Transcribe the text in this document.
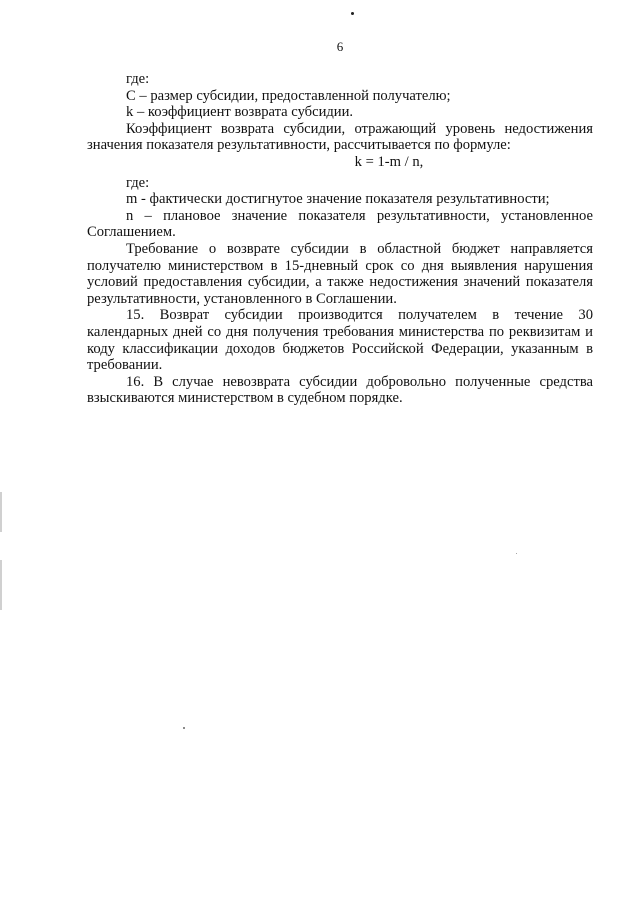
6

где:

С – размер субсидии, предоставленной получателю;

k – коэффициент возврата субсидии.

Коэффициент возврата субсидии, отражающий уровень недостижения значения показателя результативности, рассчитывается по формуле:

k = 1-m / n,

где:

m - фактически достигнутое значение показателя результативности;

n – плановое значение показателя результативности, установленное Соглашением.

Требование о возврате субсидии в областной бюджет направляется получателю министерством в 15-дневный срок со дня выявления нарушения условий предоставления субсидии, а также недостижения значений показателя результативности, установленного в Соглашении.

15. Возврат субсидии производится получателем в течение 30 календарных дней со дня получения требования министерства по реквизитам и коду классификации доходов бюджетов Российской Федерации, указанным в требовании.

16. В случае невозврата субсидии добровольно полученные средства взыскиваются министерством в судебном порядке.
